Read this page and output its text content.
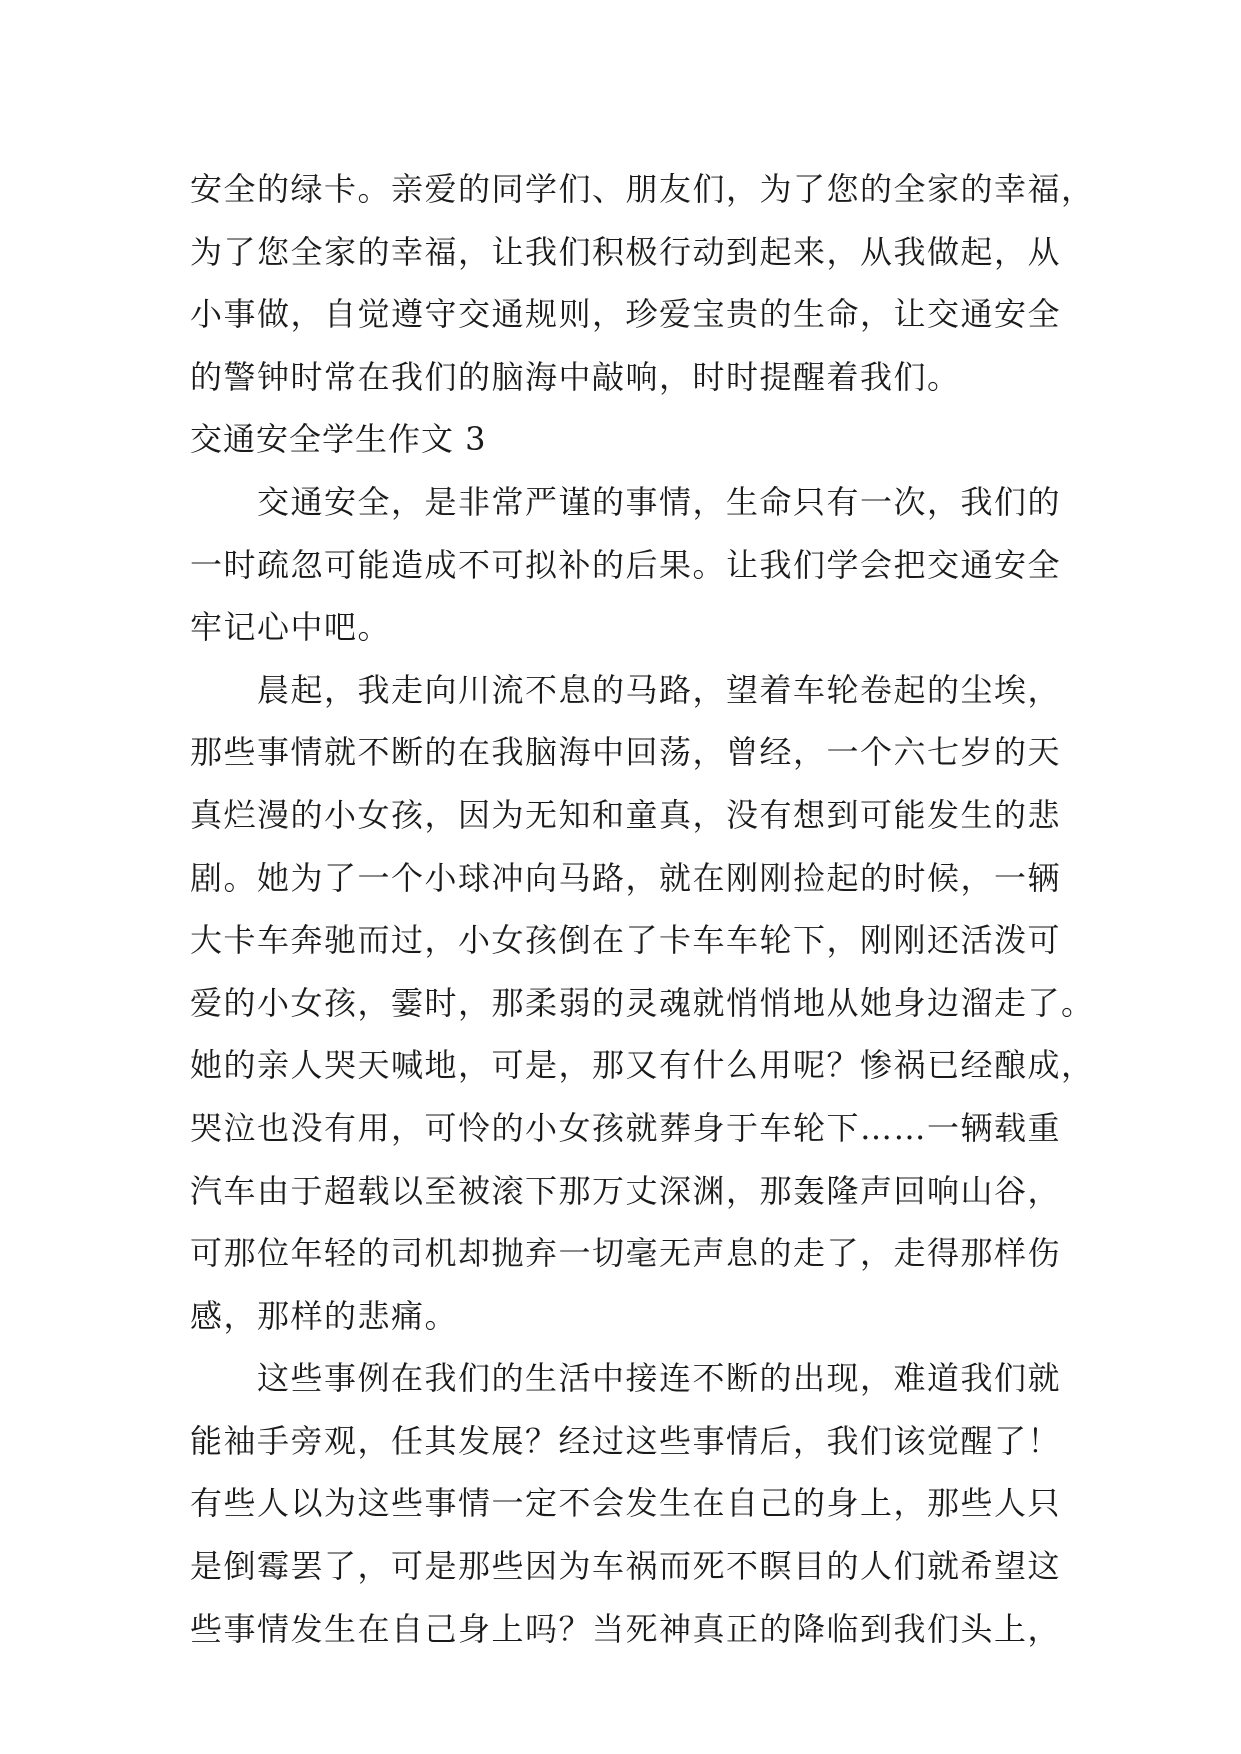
安全的绿卡。亲爱的同学们、朋友们，为了您的全家的幸福，
为了您全家的幸福，让我们积极行动到起来，从我做起，从
小事做，自觉遵守交通规则，珍爱宝贵的生命，让交通安全
的警钟时常在我们的脑海中敲响，时时提醒着我们。
交通安全学生作文 3
　　交通安全，是非常严谨的事情，生命只有一次，我们的
一时疏忽可能造成不可拟补的后果。让我们学会把交通安全
牢记心中吧。
　　晨起，我走向川流不息的马路，望着车轮卷起的尘埃，
那些事情就不断的在我脑海中回荡，曾经，一个六七岁的天
真烂漫的小女孩，因为无知和童真，没有想到可能发生的悲
剧。她为了一个小球冲向马路，就在刚刚捡起的时候，一辆
大卡车奔驰而过，小女孩倒在了卡车车轮下，刚刚还活泼可
爱的小女孩，霎时，那柔弱的灵魂就悄悄地从她身边溜走了。
她的亲人哭天喊地，可是，那又有什么用呢？惨祸已经酿成，
哭泣也没有用，可怜的小女孩就葬身于车轮下……一辆载重
汽车由于超载以至被滚下那万丈深渊，那轰隆声回响山谷，
可那位年轻的司机却抛弃一切毫无声息的走了，走得那样伤
感，那样的悲痛。
　　这些事例在我们的生活中接连不断的出现，难道我们就
能袖手旁观，任其发展？经过这些事情后，我们该觉醒了！
有些人以为这些事情一定不会发生在自己的身上，那些人只
是倒霉罢了，可是那些因为车祸而死不瞑目的人们就希望这
些事情发生在自己身上吗？当死神真正的降临到我们头上，
